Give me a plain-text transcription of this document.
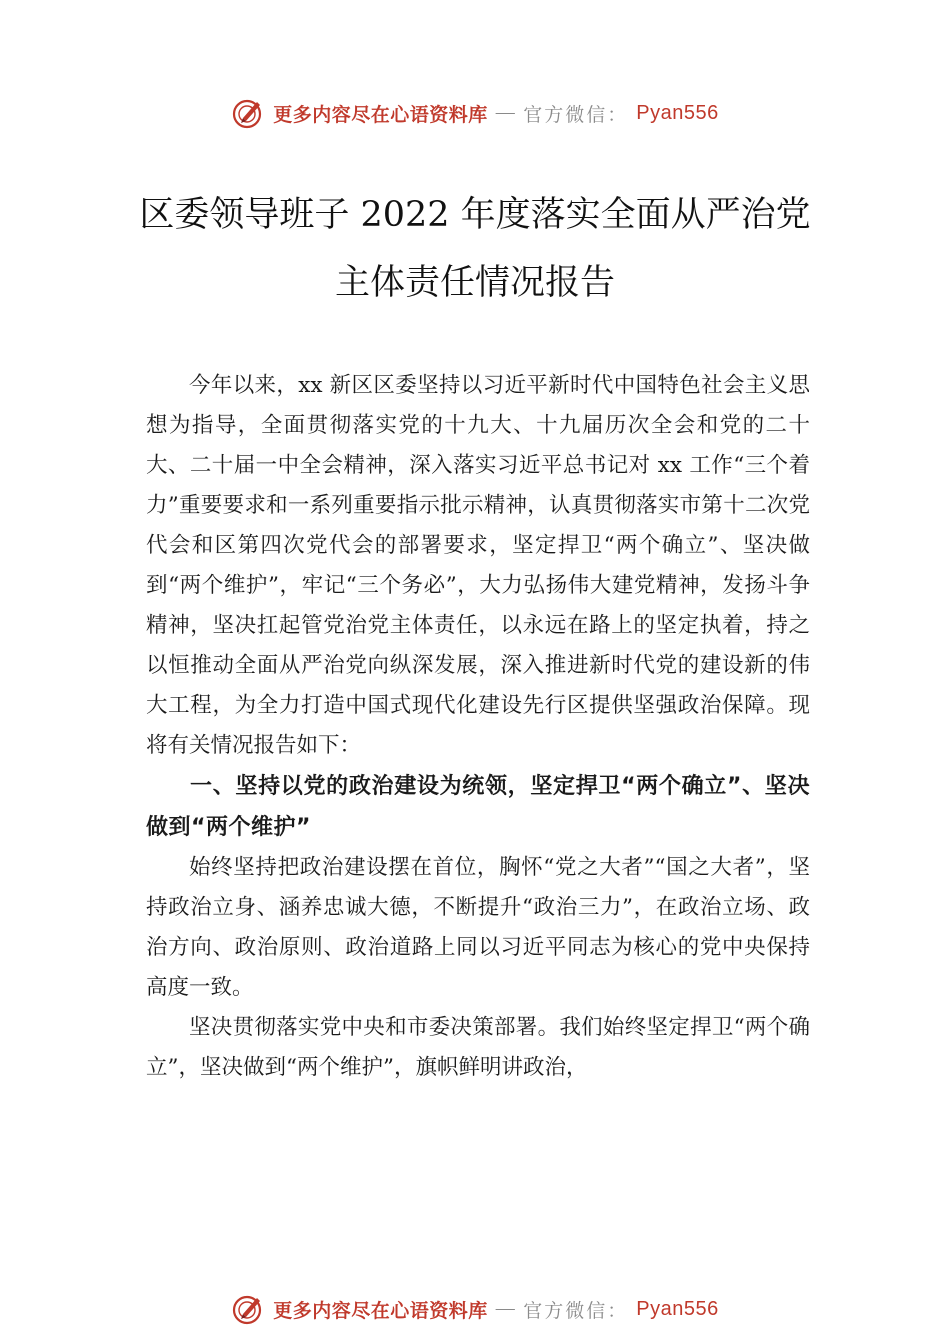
更多内容尽在心语资料库 — 官方微信： Pyan556
区委领导班子 2022 年度落实全面从严治党
主体责任情况报告

今年以来，xx 新区区委坚持以习近平新时代中国特色社会主义思想为指导，全面贯彻落实党的十九大、十九届历次全会和党的二十大、二十届一中全会精神，深入落实习近平总书记对 xx 工作“三个着力”重要要求和一系列重要指示批示精神，认真贯彻落实市第十二次党代会和区第四次党代会的部署要求，坚定捍卫“两个确立”、坚决做到“两个维护”，牢记“三个务必”，大力弘扬伟大建党精神，发扬斗争精神，坚决扛起管党治党主体责任，以永远在路上的坚定执着，持之以恒推动全面从严治党向纵深发展，深入推进新时代党的建设新的伟大工程，为全力打造中国式现代化建设先行区提供坚强政治保障。现将有关情况报告如下：

一、坚持以党的政治建设为统领，坚定捍卫“两个确立”、坚决做到“两个维护”

始终坚持把政治建设摆在首位，胸怀“党之大者”“国之大者”，坚持政治立身、涵养忠诚大德，不断提升“政治三力”，在政治立场、政治方向、政治原则、政治道路上同以习近平同志为核心的党中央保持高度一致。

坚决贯彻落实党中央和市委决策部署。我们始终坚定捍卫“两个确立”，坚决做到“两个维护”，旗帜鲜明讲政治，

更多内容尽在心语资料库 — 官方微信： Pyan556
